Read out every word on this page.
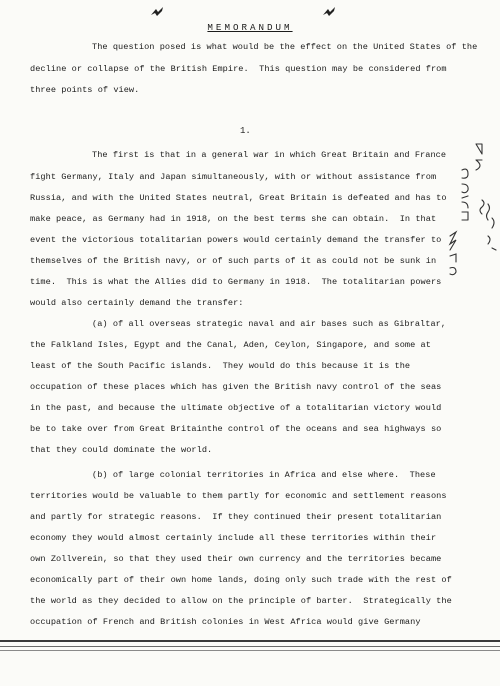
MEMORANDUM
The question posed is what would be the effect on the United States of the
decline or collapse of the British Empire.  This question may be considered from
three points of view.
1.
The first is that in a general war in which Great Britain and France
fight Germany, Italy and Japan simultaneously, with or without assistance from
Russia, and with the United States neutral, Great Britain is defeated and has to
make peace, as Germany had in 1918, on the best terms she can obtain.  In that
event the victorious totalitarian powers would certainly demand the transfer to
themselves of the British navy, or of such parts of it as could not be sunk in
time.  This is what the Allies did to Germany in 1918.  The totalitarian powers
would also certainly demand the transfer:
(a) of all overseas strategic naval and air bases such as Gibraltar,
the Falkland Isles, Egypt and the Canal, Aden, Ceylon, Singapore, and some at
least of the South Pacific islands.  They would do this because it is the
occupation of these places which has given the British navy control of the seas
in the past, and because the ultimate objective of a totalitarian victory would
be to take over from Great Britainthe control of the oceans and sea highways so
that they could dominate the world.
(b) of large colonial territories in Africa and else where.  These
territories would be valuable to them partly for economic and settlement reasons
and partly for strategic reasons.  If they continued their present totalitarian
economy they would almost certainly include all these territories within their
own Zollverein, so that they used their own currency and the territories became
economically part of their own home lands, doing only such trade with the rest of
the world as they decided to allow on the principle of barter.  Strategically the
occupation of French and British colonies in West Africa would give Germany
